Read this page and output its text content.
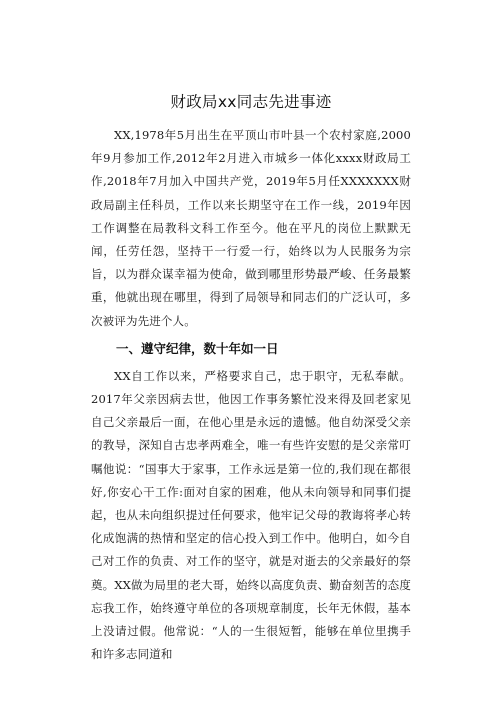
财政局xx同志先进事迹

XX,1978年5月出生在平顶山市叶县一个农村家庭,2000年9月参加工作,2012年2月进入市城乡一体化xxxx财政局工作,2018年7月加入中国共产党，2019年5月任XXXXXXX财政局副主任科员，工作以来长期坚守在工作一线，2019年因工作调整在局教科文科工作至今。他在平凡的岗位上默默无闻，任劳任怨，坚持干一行爱一行，始终以为人民服务为宗旨，以为群众谋幸福为使命，做到哪里形势最严峻、任务最繁重，他就出现在哪里，得到了局领导和同志们的广泛认可，多次被评为先进个人。

一、遵守纪律，数十年如一日

XX自工作以来，严格要求自己，忠于职守，无私奉献。2017年父亲因病去世，他因工作事务繁忙没来得及回老家见自己父亲最后一面，在他心里是永远的遗憾。他自幼深受父亲的教导，深知自古忠孝两难全，唯一有些许安慰的是父亲常叮嘱他说：“国事大于家事，工作永远是第一位的,我们现在都很好,你安心干工作:面对自家的困难，他从未向领导和同事们提起，也从未向组织提过任何要求，他牢记父母的教诲将孝心转化成饱满的热情和坚定的信心投入到工作中。他明白，如今自己对工作的负责、对工作的坚守，就是对逝去的父亲最好的祭奠。XX做为局里的老大哥，始终以高度负责、勤奋刻苦的态度忘我工作，始终遵守单位的各项规章制度，长年无休假，基本上没请过假。他常说：“人的一生很短暂，能够在单位里携手和许多志同道和
